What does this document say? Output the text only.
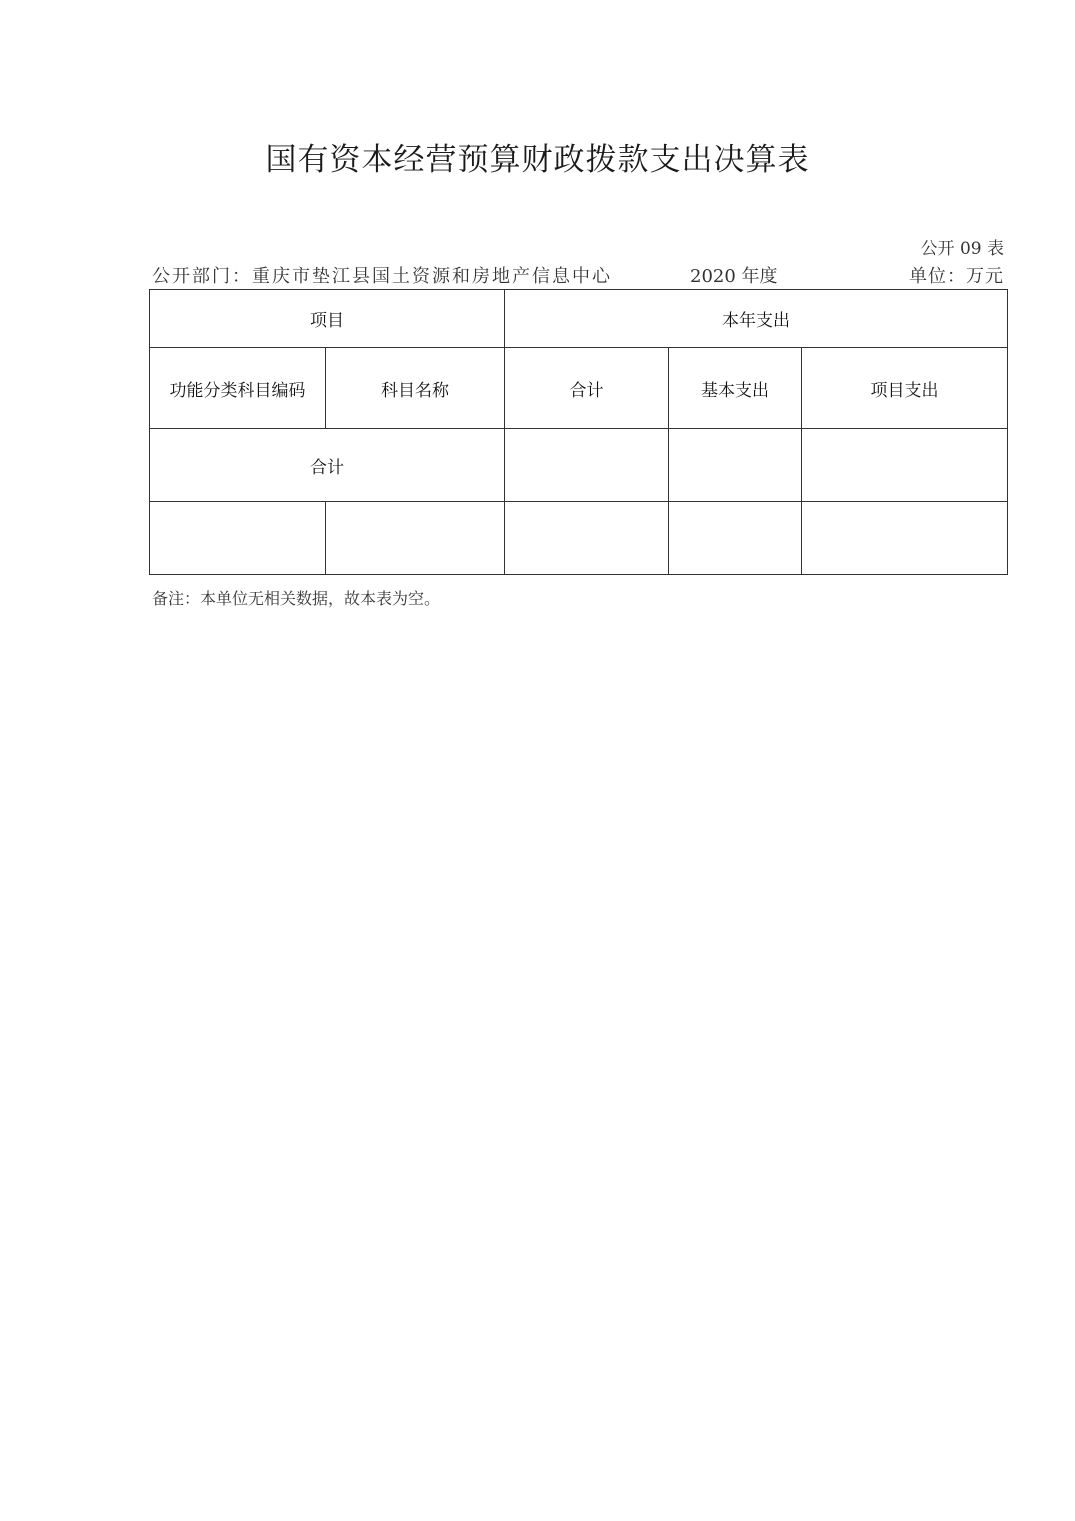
国有资本经营预算财政拨款支出决算表
公开 09 表
公开部门：重庆市垫江县国土资源和房地产信息中心	2020 年度	单位：万元
项目		本年支出		
功能分类科目编码	科目名称	合计	基本支出	项目支出
合计				

备注：本单位无相关数据，故本表为空。
